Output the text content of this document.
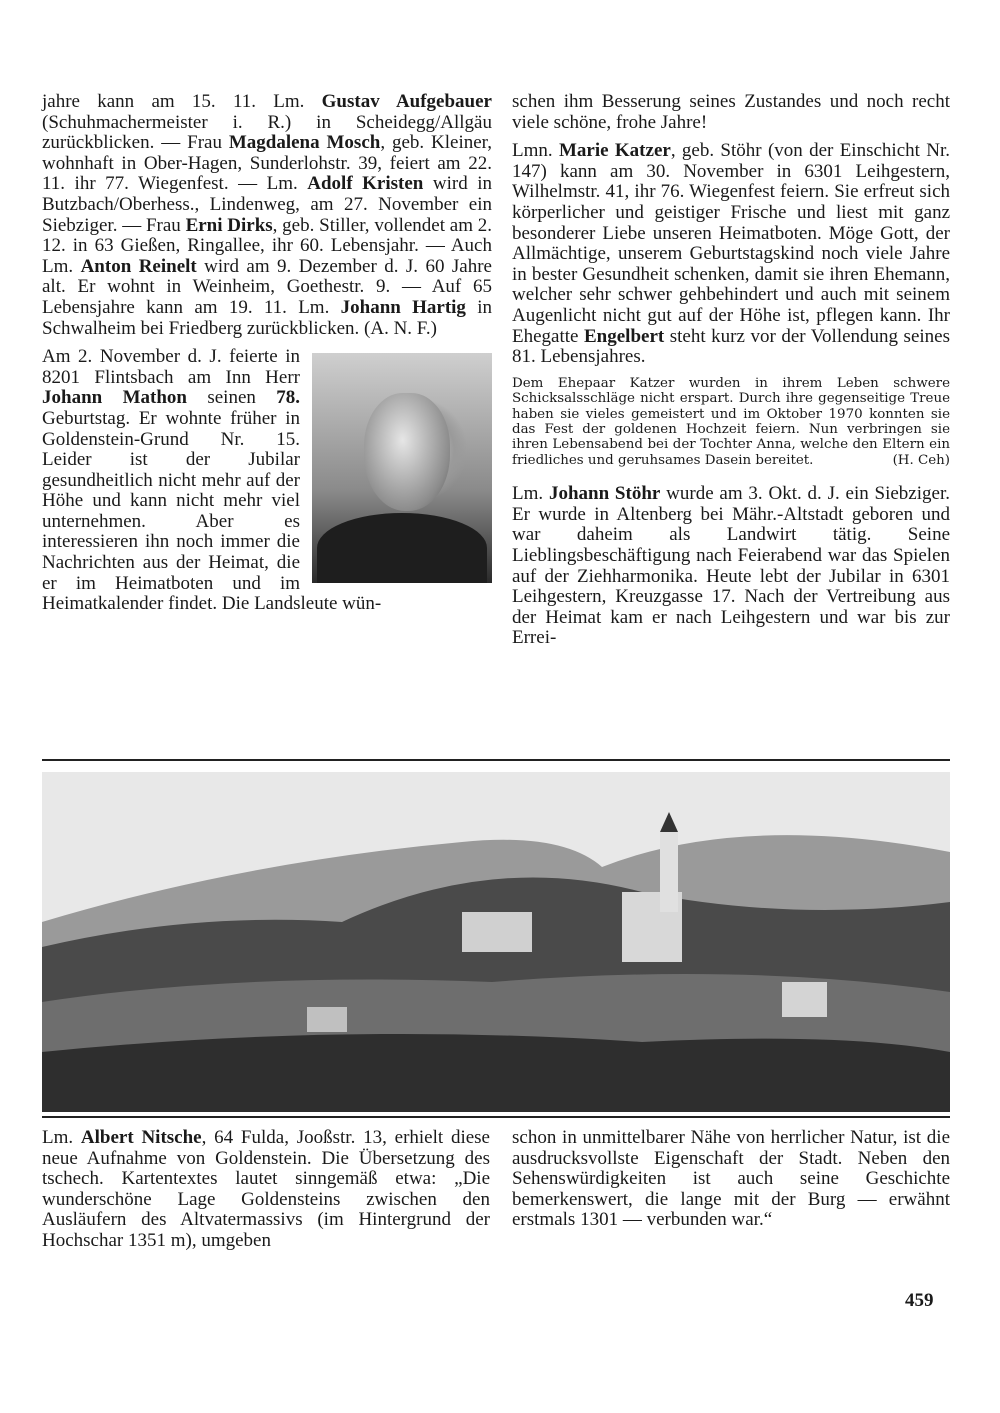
jahre kann am 15. 11. Lm. Gustav Aufgebauer (Schuhmachermeister i. R.) in Scheidegg/Allgäu zurückblicken. — Frau Magdalena Mosch, geb. Kleiner, wohnhaft in Ober-Hagen, Sunderlohstr. 39, feiert am 22. 11. ihr 77. Wiegenfest. — Lm. Adolf Kristen wird in Butzbach/Oberhess., Lindenweg, am 27. November ein Siebziger. — Frau Erni Dirks, geb. Stiller, vollendet am 2. 12. in 63 Gießen, Ringallee, ihr 60. Lebensjahr. — Auch Lm. Anton Reinelt wird am 9. Dezember d. J. 60 Jahre alt. Er wohnt in Weinheim, Goethestr. 9. — Auf 65 Lebensjahre kann am 19. 11. Lm. Johann Hartig in Schwalheim bei Friedberg zurückblicken. (A. N. F.)

Am 2. November d. J. feierte in 8201 Flintsbach am Inn Herr Johann Mathon seinen 78. Geburtstag. Er wohnte früher in Goldenstein-Grund Nr. 15. Leider ist der Jubilar gesundheitlich nicht mehr auf der Höhe und kann nicht mehr viel unternehmen. Aber es interessieren ihn noch immer die Nachrichten aus der Heimat, die er im Heimatboten und im Heimatkalender findet. Die Landsleute wün-

schen ihm Besserung seines Zustandes und noch recht viele schöne, frohe Jahre!

Lmn. Marie Katzer, geb. Stöhr (von der Einschicht Nr. 147) kann am 30. November in 6301 Leihgestern, Wilhelmstr. 41, ihr 76. Wiegenfest feiern. Sie erfreut sich körperlicher und geistiger Frische und liest mit ganz besonderer Liebe unseren Heimatboten. Möge Gott, der Allmächtige, unserem Geburtstagskind noch viele Jahre in bester Gesundheit schenken, damit sie ihren Ehemann, welcher sehr schwer gehbehindert und auch mit seinem Augenlicht nicht gut auf der Höhe ist, pflegen kann. Ihr Ehegatte Engelbert steht kurz vor der Vollendung seines 81. Lebensjahres.

Dem Ehepaar Katzer wurden in ihrem Leben schwere Schicksalsschläge nicht erspart. Durch ihre gegenseitige Treue haben sie vieles gemeistert und im Oktober 1970 konnten sie das Fest der goldenen Hochzeit feiern. Nun verbringen sie ihren Lebensabend bei der Tochter Anna, welche den Eltern ein friedliches und geruhsames Dasein bereitet.	(H. Ceh)

Lm. Johann Stöhr wurde am 3. Okt. d. J. ein Siebziger. Er wurde in Altenberg bei Mähr.-Altstadt geboren und war daheim als Landwirt tätig. Seine Lieblingsbeschäftigung nach Feierabend war das Spielen auf der Ziehharmonika. Heute lebt der Jubilar in 6301 Leihgestern, Kreuzgasse 17. Nach der Vertreibung aus der Heimat kam er nach Leihgestern und war bis zur Errei-

Lm. Albert Nitsche, 64 Fulda, Jooßstr. 13, erhielt diese neue Aufnahme von Goldenstein. Die Übersetzung des tschech. Kartentextes lautet sinngemäß etwa: „Die wunderschöne Lage Goldensteins zwischen den Ausläufern des Altvatermassivs (im Hintergrund der Hochschar 1351 m), umgeben

schon in unmittelbarer Nähe von herrlicher Natur, ist die ausdrucksvollste Eigenschaft der Stadt. Neben den Sehenswürdigkeiten ist auch seine Geschichte bemerkenswert, die lange mit der Burg — erwähnt erstmals 1301 — verbunden war.“

459
